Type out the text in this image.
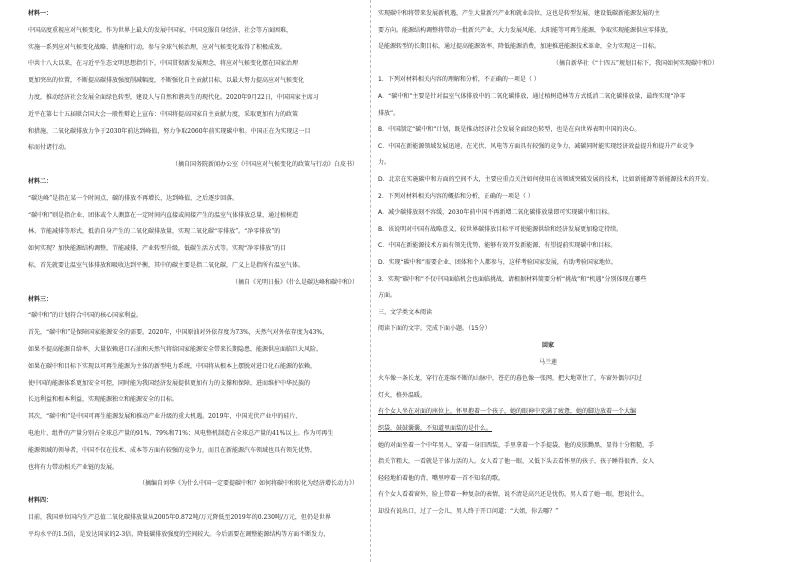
材料一：
中国高度重视应对气候变化，作为世界上最大的发展中国家，中国克服自身经济、社会等方面困难，
实施一系列应对气候变化战略、措施和行动，参与全球气候治理，应对气候变化取得了积极成效。
中共十八大以来，在习近平生态文明思想指引下，中国贯彻新发展理念，将应对气候变化摆在国家治理
更加突出的位置，不断提高碳排放强度削减幅度，不断强化自主贡献目标，以最大努力提高应对气候变化
力度，推动经济社会发展全面绿色转型，建设人与自然和谐共生的现代化。2020年9月22日，中国国家主席习
近平在第七十五届联合国大会一般性辩论上宣布：中国将提高国家自主贡献力度，采取更加有力的政策
和措施，二氧化碳排放力争于2030年前达到峰值，努力争取2060年前实现碳中和。中国正在为实现这一目
标而付诸行动。
（摘自国务院新闻办公室《中国应对气候变化的政策与行动》白皮书）
材料二：
“碳达峰”是指在某一个时间点，碳的排放不再增长，达到峰值，之后逐步回落。
“碳中和”则是指企业、团体或个人测算在一定时间内直接或间接产生的温室气体排放总量，通过植树造
林、节能减排等形式，抵消自身产生的二氧化碳排放量，实现二氧化碳“零排放”。“净零排放”的
如何实现？加快能源结构调整，节能减排，产业转型升级，低碳生活方式等。实现“净零排放”的目
标，首先就要让温室气体排放和吸收达到平衡，其中的碳主要是指二氧化碳，广义上是指所有温室气体。
（摘自《光明日报》《什么是碳达峰和碳中和》）
材料三：
“碳中和”的计划符合中国的核心国家利益。
首先，“碳中和”是保障国家能源安全的需要。2020年，中国原油对外依存度为73%，天然气对外依存度为43%，
如果不提高能源自给率，大量依赖进口石油和天然气将给国家能源安全带来长期隐患，能源供应面临巨大风险。
如果在碳中和目标下实现以可再生能源为主体的新型电力系统，中国将从根本上摆脱对进口化石能源的依赖，
使中国的能源体系更加安全可控，同时能为我国经济发展提供更加有力的支撑和保障，进而维护中华民族的
长远利益和根本利益，实现能源独立和能源安全的目标。
其次，“碳中和”是中国可再生能源发展和推动产业升级的重大机遇。2019年，中国光伏产业中的硅片、
电池片、组件的产量分别占全球总产量的91%、79%和71%；风电整机制造占全球总产量的41%以上。作为可再生
能源领域的领导者，中国不仅在技术、成本等方面有较强的竞争力，而且在新能源汽车领域也具有领先优势，
也将有力带动相关产业链的发展。
（摘编自刘华《为什么中国一定要提碳中和？如何将碳中和转化为经济增长动力》）
材料四：
目前，我国单位国内生产总值二氧化碳排放量从2005年0.872吨/万元降低至2019年的0.230吨/万元，但仍是世界
平均水平的1.5倍，是发达国家的2-3倍，降低碳排放强度的空间较大。今后需要在调整能源结构等方面不断发力，
实现碳中和将带来发展新机遇，产生大量新兴产业和就业岗位，这也是转型发展，建设低碳新能源发展的主
要方向。能源结构调整将带动一批新兴产业，大力发展风能、太阳能等可再生能源，争取实现能源供应零排放，
是能源转型的长期目标，通过提高能源效率、降低能源消费，加速推进能源技术革命，全力实现这一目标。
（摘自新华社《“十四五”规划目标下，我国如何实现碳中和》）
1．下列对材料相关内容的理解和分析，不正确的一项是（ ）
A．“碳中和”主要是针对温室气体排放中的二氧化碳排放，通过植树造林等方式抵消二氧化碳排放量，最终实现“净零
排放”。
B．中国制定“碳中和”计划，既是推动经济社会发展全面绿色转型，也是在向世界表明中国的决心。
C．中国在新能源领域发展迅速，在光伏、风电等方面具有较强的竞争力，减碳同时能实现经济效益提升和提升产业竞争
力。
D．北京在实施碳中和方面的空间不大，主要应重点关注如何使用在该领域突破发展的技术，比如新能源等新能源技术的开发。
2．下列对材料相关内容的概括和分析，正确的一项是（ ）
A．减少碳排放刻不容缓，2030年前中国不再新增二氧化碳排放量即可实现碳中和目标。
B．该说明对中国有战略意义，较世界碳排放目标平可使能源供给和经济发展更加稳定持续。
C．中国在新能源技术方面有领先优势，能够有效开发新能源，有望提前实现碳中和目标。
D．实现“碳中和”需要企业、团体和个人都参与，这样考验国家发展，有助考验国家地位。
3．实现“碳中和”不仅中国面临机会也面临挑战，请根据材料简要分析“挑战”和“机遇”分别体现在哪些
方面。
三、文学类文本阅读
阅读下面的文字，完成下面小题。（15分）
回家
马兰莲
火车像一条长龙，穿行在连绵不断的山脉中，苍茫的暮色像一张网，把大地罩住了，车窗外偶尔闪过
灯火，格外温暖。
有个女人坐在对面的座位上，怀里抱着一个孩子，她的眼神中充满了疲惫，她的脚边放着一个大编
织袋，鼓鼓囊囊，不知道里面装的是什么。
她的对面坐着一个中年男人，穿着一身旧西装，手里拿着一个手提袋，他的皮肤黝黑，显得十分粗糙，手
指关节粗大，一看就是干体力活的人。女人看了他一眼，又低下头去看怀里的孩子，孩子睡得很香，女人
轻轻地拍着他的背，嘴里哼着一首不知名的歌。
有个女人看着窗外，脸上带着一种复杂的表情，说不清是高兴还是忧伤，男人看了她一眼，想说什么，
却没有说出口，过了一会儿，男人终于开口问道：“大姐，你去哪？”
